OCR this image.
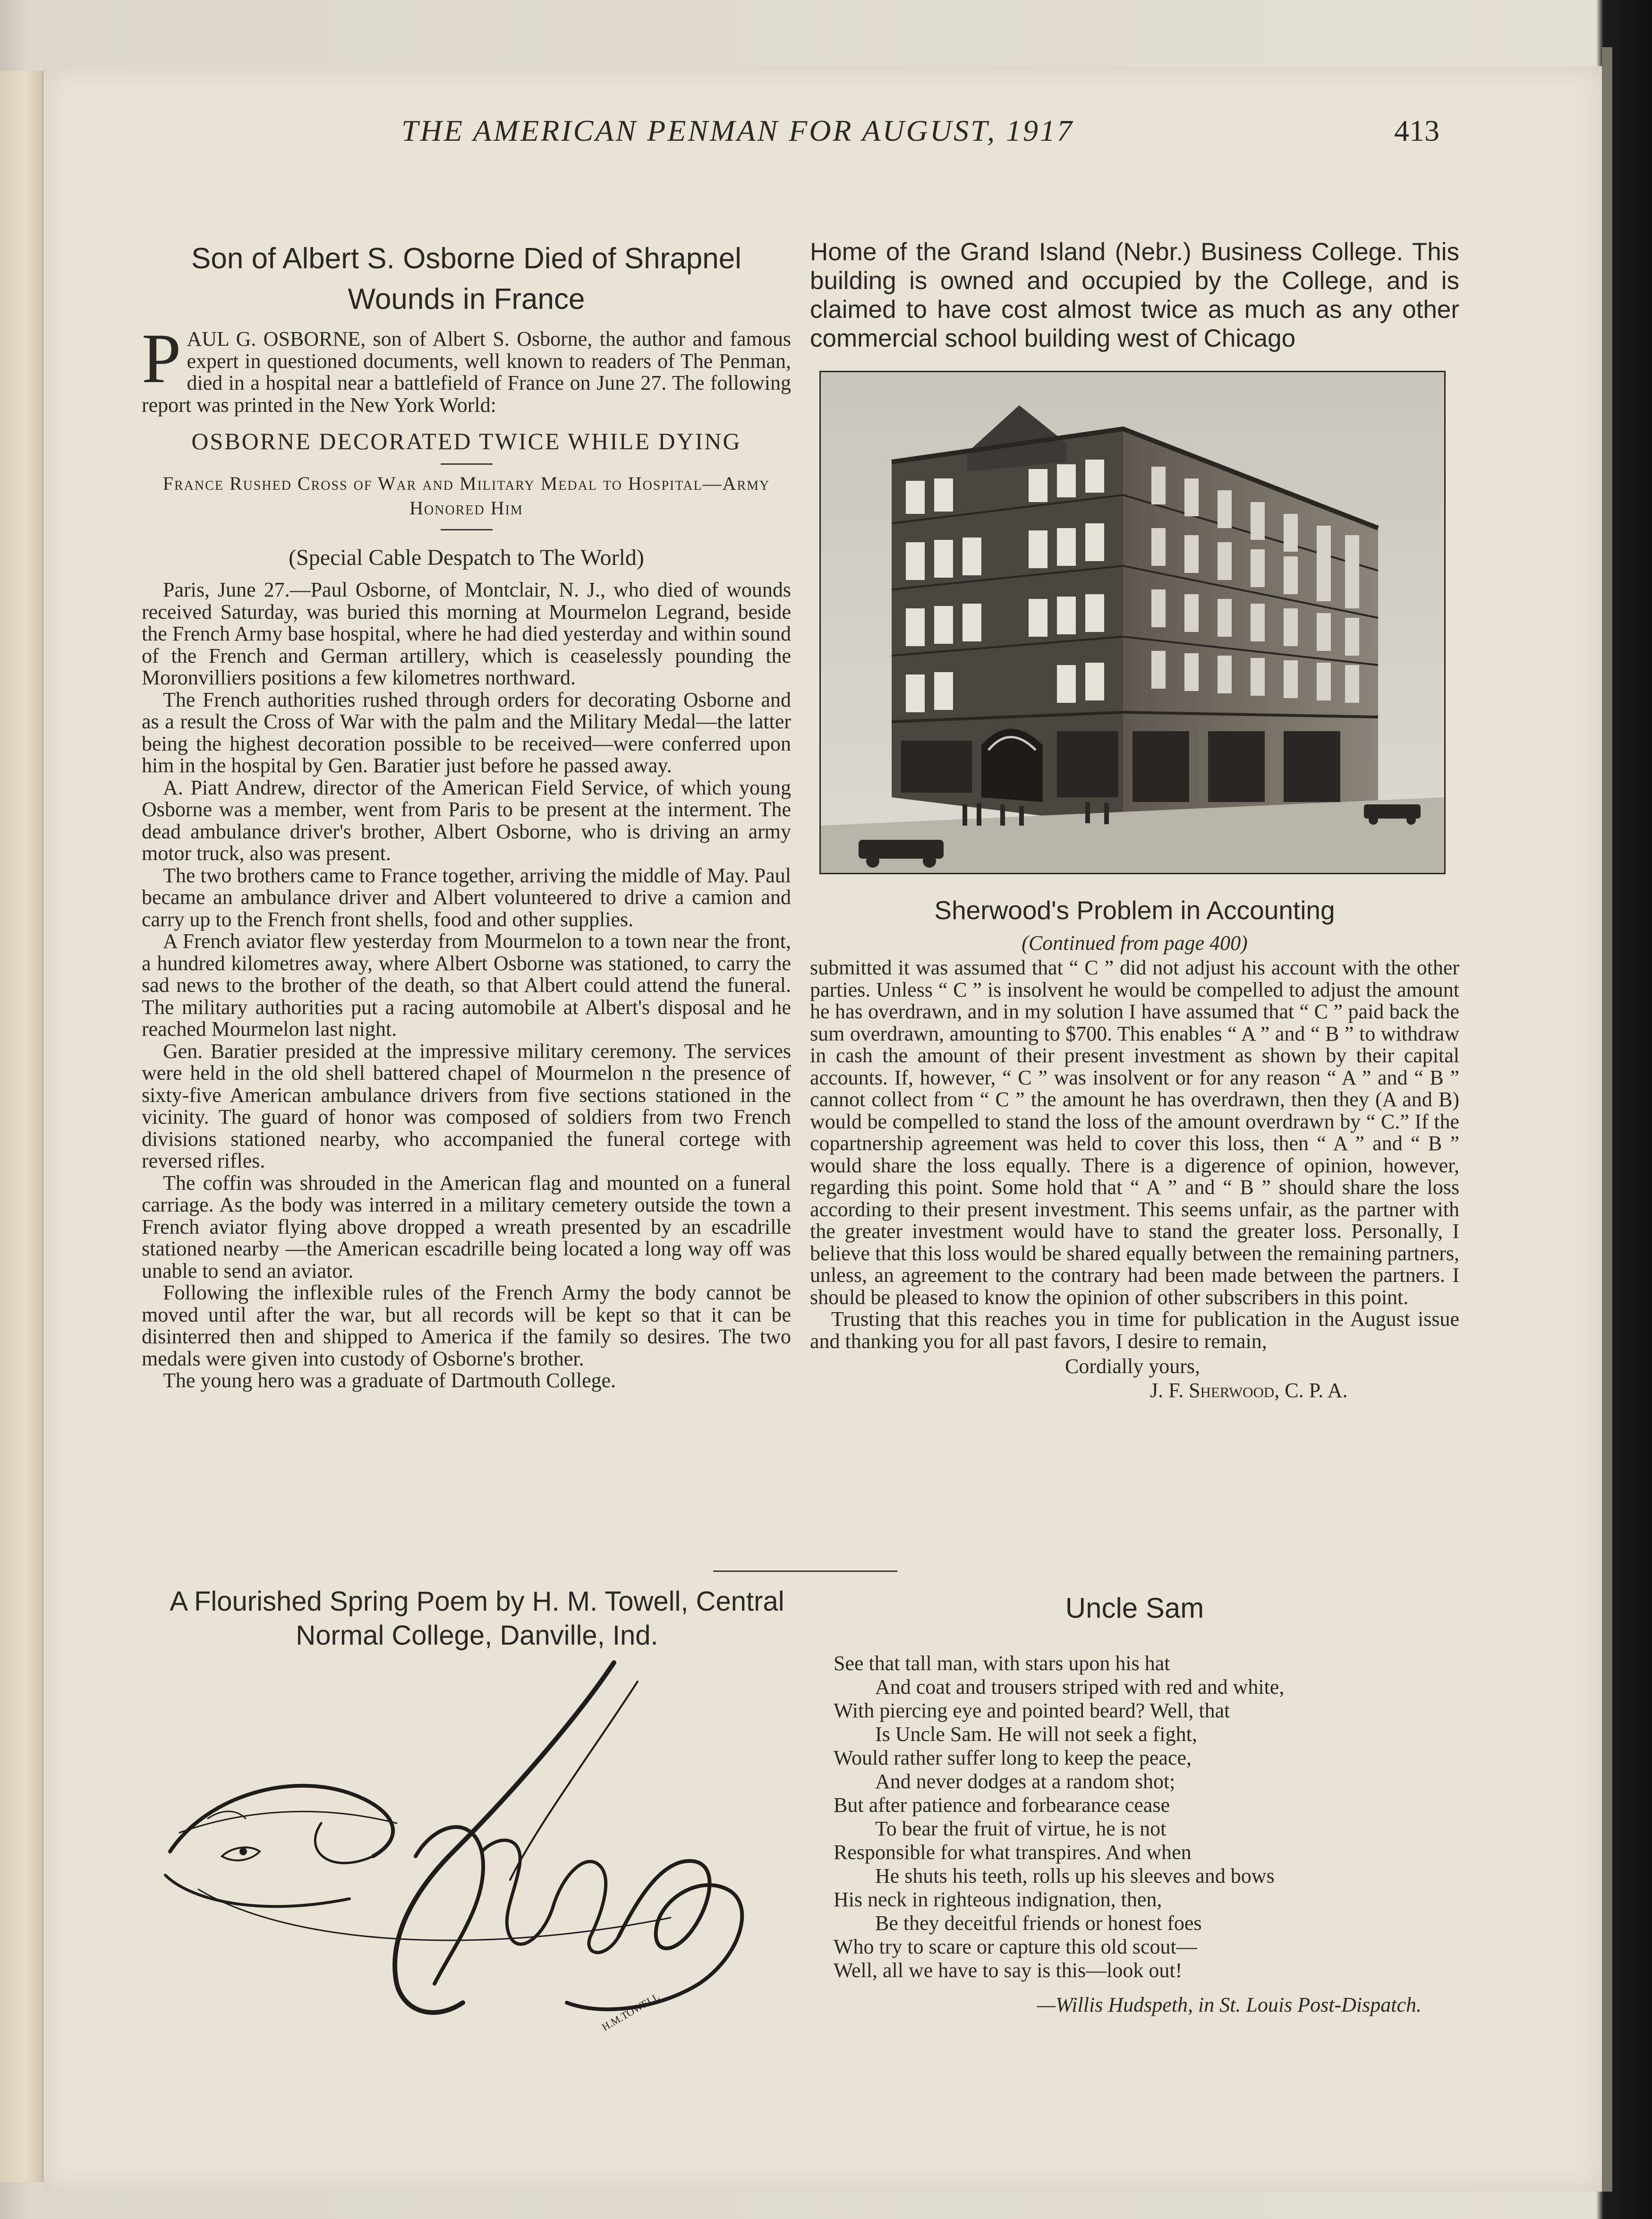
THE AMERICAN PENMAN FOR AUGUST, 1917	413
Son of Albert S. Osborne Died of Shrapnel Wounds in France
P AUL G. OSBORNE, son of Albert S. Osborne, the author and famous expert in questioned documents, well known to readers of The Penman, died in a hospital near a battlefield of France on June 27. The following report was printed in the New York World:

OSBORNE DECORATED TWICE WHILE DYING
France Rushed Cross of War and Military Medal to Hospital—Army Honored Him
(Special Cable Despatch to The World)

Paris, June 27.—Paul Osborne, of Montclair, N. J., who died of wounds received Saturday, was buried this morning at Mourmelon Legrand, beside the French Army base hospital, where he had died yesterday and within sound of the French and German artillery, which is ceaselessly pounding the Moronvilliers positions a few kilometres northward.

The French authorities rushed through orders for decorating Osborne and as a result the Cross of War with the palm and the Military Medal—the latter being the highest decoration possible to be received—were conferred upon him in the hospital by Gen. Baratier just before he passed away.

A. Piatt Andrew, director of the American Field Service, of which young Osborne was a member, went from Paris to be present at the interment. The dead ambulance driver's brother, Albert Osborne, who is driving an army motor truck, also was present.

The two brothers came to France together, arriving the middle of May. Paul became an ambulance driver and Albert volunteered to drive a camion and carry up to the French front shells, food and other supplies.

A French aviator flew yesterday from Mourmelon to a town near the front, a hundred kilometres away, where Albert Osborne was stationed, to carry the sad news to the brother of the death, so that Albert could attend the funeral. The military authorities put a racing automobile at Albert's disposal and he reached Mourmelon last night.

Gen. Baratier presided at the impressive military ceremony. The services were held in the old shell battered chapel of Mourmelon n the presence of sixty-five American ambulance drivers from five sections stationed in the vicinity. The guard of honor was composed of soldiers from two French divisions stationed nearby, who accompanied the funeral cortege with reversed rifles.

The coffin was shrouded in the American flag and mounted on a funeral carriage. As the body was interred in a military cemetery outside the town a French aviator flying above dropped a wreath presented by an escadrille stationed nearby —the American escadrille being located a long way off was unable to send an aviator.

Following the inflexible rules of the French Army the body cannot be moved until after the war, but all records will be kept so that it can be disinterred then and shipped to America if the family so desires. The two medals were given into custody of Osborne's brother.

The young hero was a graduate of Dartmouth College.

A Flourished Spring Poem by H. M. Towell, Central Normal College, Danville, Ind.
H.M.TOWELL
Home of the Grand Island (Nebr.) Business College. This building is owned and occupied by the College, and is claimed to have cost almost twice as much as any other commercial school building west of Chicago
Sherwood's Problem in Accounting
(Continued from page 400)

submitted it was assumed that “ C ” did not adjust his account with the other parties. Unless “ C ” is insolvent he would be compelled to adjust the amount he has overdrawn, and in my solution I have assumed that “ C ” paid back the sum overdrawn, amounting to $700. This enables “ A ” and “ B ” to withdraw in cash the amount of their present investment as shown by their capital accounts. If, however, “ C ” was insolvent or for any reason “ A ” and “ B ” cannot collect from “ C ” the amount he has overdrawn, then they (A and B) would be compelled to stand the loss of the amount overdrawn by “ C.” If the copartnership agreement was held to cover this loss, then “ A ” and “ B ” would share the loss equally. There is a digerence of opinion, however, regarding this point. Some hold that “ A ” and “ B ” should share the loss according to their present investment. This seems unfair, as the partner with the greater investment would have to stand the greater loss. Personally, I believe that this loss would be shared equally between the remaining partners, unless, an agreement to the contrary had been made between the partners. I should be pleased to know the opinion of other subscribers in this point.

Trusting that this reaches you in time for publication in the August issue and thanking you for all past favors, I desire to remain,

Cordially yours,
J. F. Sherwood, C. P. A.
Uncle Sam
See that tall man, with stars upon his hat
And coat and trousers striped with red and white,
With piercing eye and pointed beard? Well, that
Is Uncle Sam. He will not seek a fight,
Would rather suffer long to keep the peace,
And never dodges at a random shot;
But after patience and forbearance cease
To bear the fruit of virtue, he is not
Responsible for what transpires. And when
He shuts his teeth, rolls up his sleeves and bows
His neck in righteous indignation, then,
Be they deceitful friends or honest foes
Who try to scare or capture this old scout—
Well, all we have to say is this—look out!
—Willis Hudspeth, in St. Louis Post-Dispatch.
